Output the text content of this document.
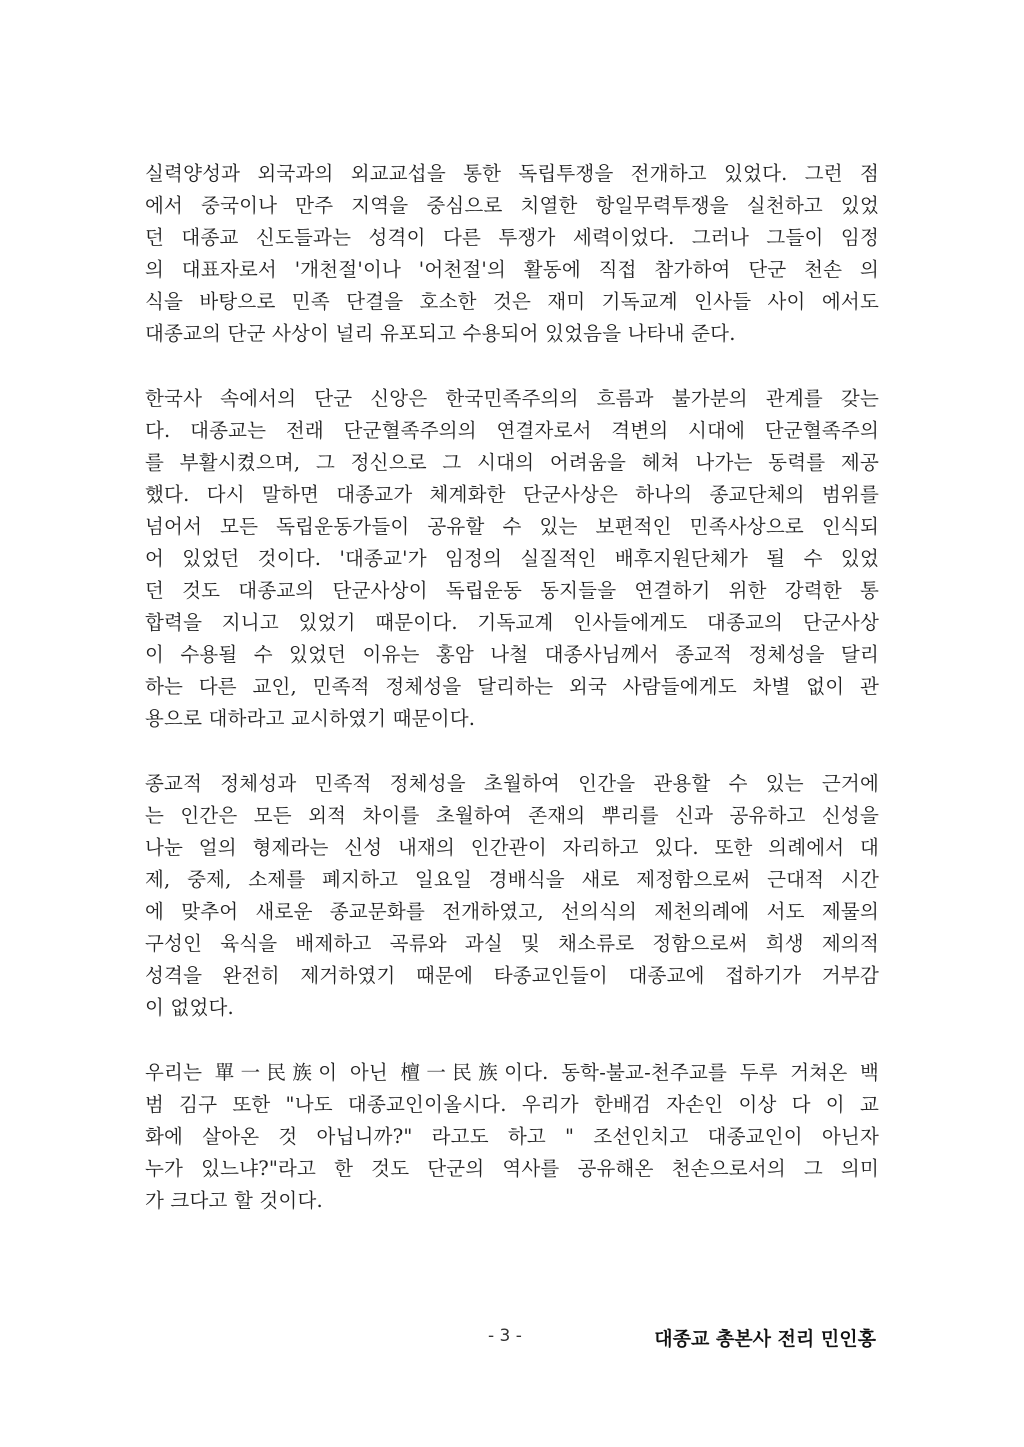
실력양성과 외국과의 외교교섭을 통한 독립투쟁을 전개하고 있었다. 그런 점
에서 중국이나 만주 지역을 중심으로 치열한 항일무력투쟁을 실천하고 있었
던 대종교 신도들과는 성격이 다른 투쟁가 세력이었다. 그러나 그들이 임정
의 대표자로서 '개천절'이나 '어천절'의 활동에 직접 참가하여 단군 천손 의
식을 바탕으로 민족 단결을 호소한 것은 재미 기독교계 인사들 사이 에서도
대종교의 단군 사상이 널리 유포되고 수용되어 있었음을 나타내 준다.
한국사 속에서의 단군 신앙은 한국민족주의의 흐름과 불가분의 관계를 갖는
다. 대종교는 전래 단군혈족주의의 연결자로서 격변의 시대에 단군혈족주의
를 부활시켰으며, 그 정신으로 그 시대의 어려움을 헤쳐 나가는 동력를 제공
했다. 다시 말하면 대종교가 체계화한 단군사상은 하나의 종교단체의 범위를
넘어서 모든 독립운동가들이 공유할 수 있는 보편적인 민족사상으로 인식되
어 있었던 것이다. '대종교'가 임정의 실질적인 배후지원단체가 될 수 있었
던 것도 대종교의 단군사상이 독립운동 동지들을 연결하기 위한 강력한 통
합력을 지니고 있었기 때문이다. 기독교계 인사들에게도 대종교의 단군사상
이 수용될 수 있었던 이유는 홍암 나철 대종사님께서 종교적 정체성을 달리
하는 다른 교인, 민족적 정체성을 달리하는 외국 사람들에게도 차별 없이 관
용으로 대하라고 교시하였기 때문이다.
종교적 정체성과 민족적 정체성을 초월하여 인간을 관용할 수 있는 근거에
는 인간은 모든 외적 차이를 초월하여 존재의 뿌리를 신과 공유하고 신성을
나눈 얼의 형제라는 신성 내재의 인간관이 자리하고 있다. 또한 의례에서 대
제, 중제, 소제를 폐지하고 일요일 경배식을 새로 제정함으로써 근대적 시간
에 맞추어 새로운 종교문화를 전개하였고, 선의식의 제천의례에 서도 제물의
구성인 육식을 배제하고 곡류와 과실 및 채소류로 정함으로써 희생 제의적
성격을 완전히 제거하였기 때문에 타종교인들이 대종교에 접하기가 거부감
이 없었다.
우리는 單一民族이 아닌 檀一民族이다. 동학-불교-천주교를 두루 거쳐온 백
범 김구 또한 "나도 대종교인이올시다. 우리가 한배검 자손인 이상 다 이 교
화에 살아온 것 아닙니까?" 라고도 하고 " 조선인치고 대종교인이 아닌자
누가 있느냐?"라고 한 것도 단군의 역사를 공유해온 천손으로서의 그 의미
가 크다고 할 것이다.
- 3 -	대종교 총본사 전리 민인홍
